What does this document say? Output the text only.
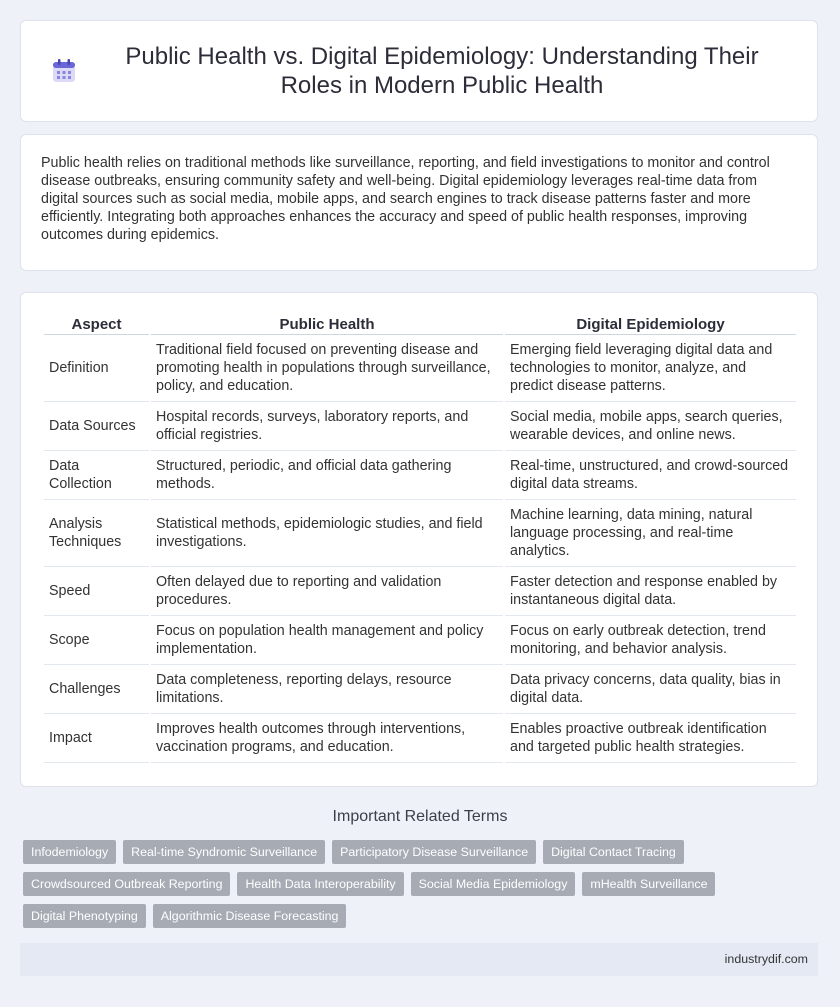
Public Health vs. Digital Epidemiology: Understanding Their Roles in Modern Public Health

Public health relies on traditional methods like surveillance, reporting, and field investigations to monitor and control disease outbreaks, ensuring community safety and well-being. Digital epidemiology leverages real-time data from digital sources such as social media, mobile apps, and search engines to track disease patterns faster and more efficiently. Integrating both approaches enhances the accuracy and speed of public health responses, improving outcomes during epidemics.

Aspect	Public Health	Digital Epidemiology
Definition	Traditional field focused on preventing disease and promoting health in populations through surveillance, policy, and education.	Emerging field leveraging digital data and technologies to monitor, analyze, and predict disease patterns.
Data Sources	Hospital records, surveys, laboratory reports, and official registries.	Social media, mobile apps, search queries, wearable devices, and online news.
Data Collection	Structured, periodic, and official data gathering methods.	Real-time, unstructured, and crowd-sourced digital data streams.
Analysis Techniques	Statistical methods, epidemiologic studies, and field investigations.	Machine learning, data mining, natural language processing, and real-time analytics.
Speed	Often delayed due to reporting and validation procedures.	Faster detection and response enabled by instantaneous digital data.
Scope	Focus on population health management and policy implementation.	Focus on early outbreak detection, trend monitoring, and behavior analysis.
Challenges	Data completeness, reporting delays, resource limitations.	Data privacy concerns, data quality, bias in digital data.
Impact	Improves health outcomes through interventions, vaccination programs, and education.	Enables proactive outbreak identification and targeted public health strategies.
Important Related Terms
Infodemiology	Real-time Syndromic Surveillance	Participatory Disease Surveillance	Digital Contact Tracing
Crowdsourced Outbreak Reporting	Health Data Interoperability	Social Media Epidemiology	mHealth Surveillance
Digital Phenotyping	Algorithmic Disease Forecasting
industrydif.com
